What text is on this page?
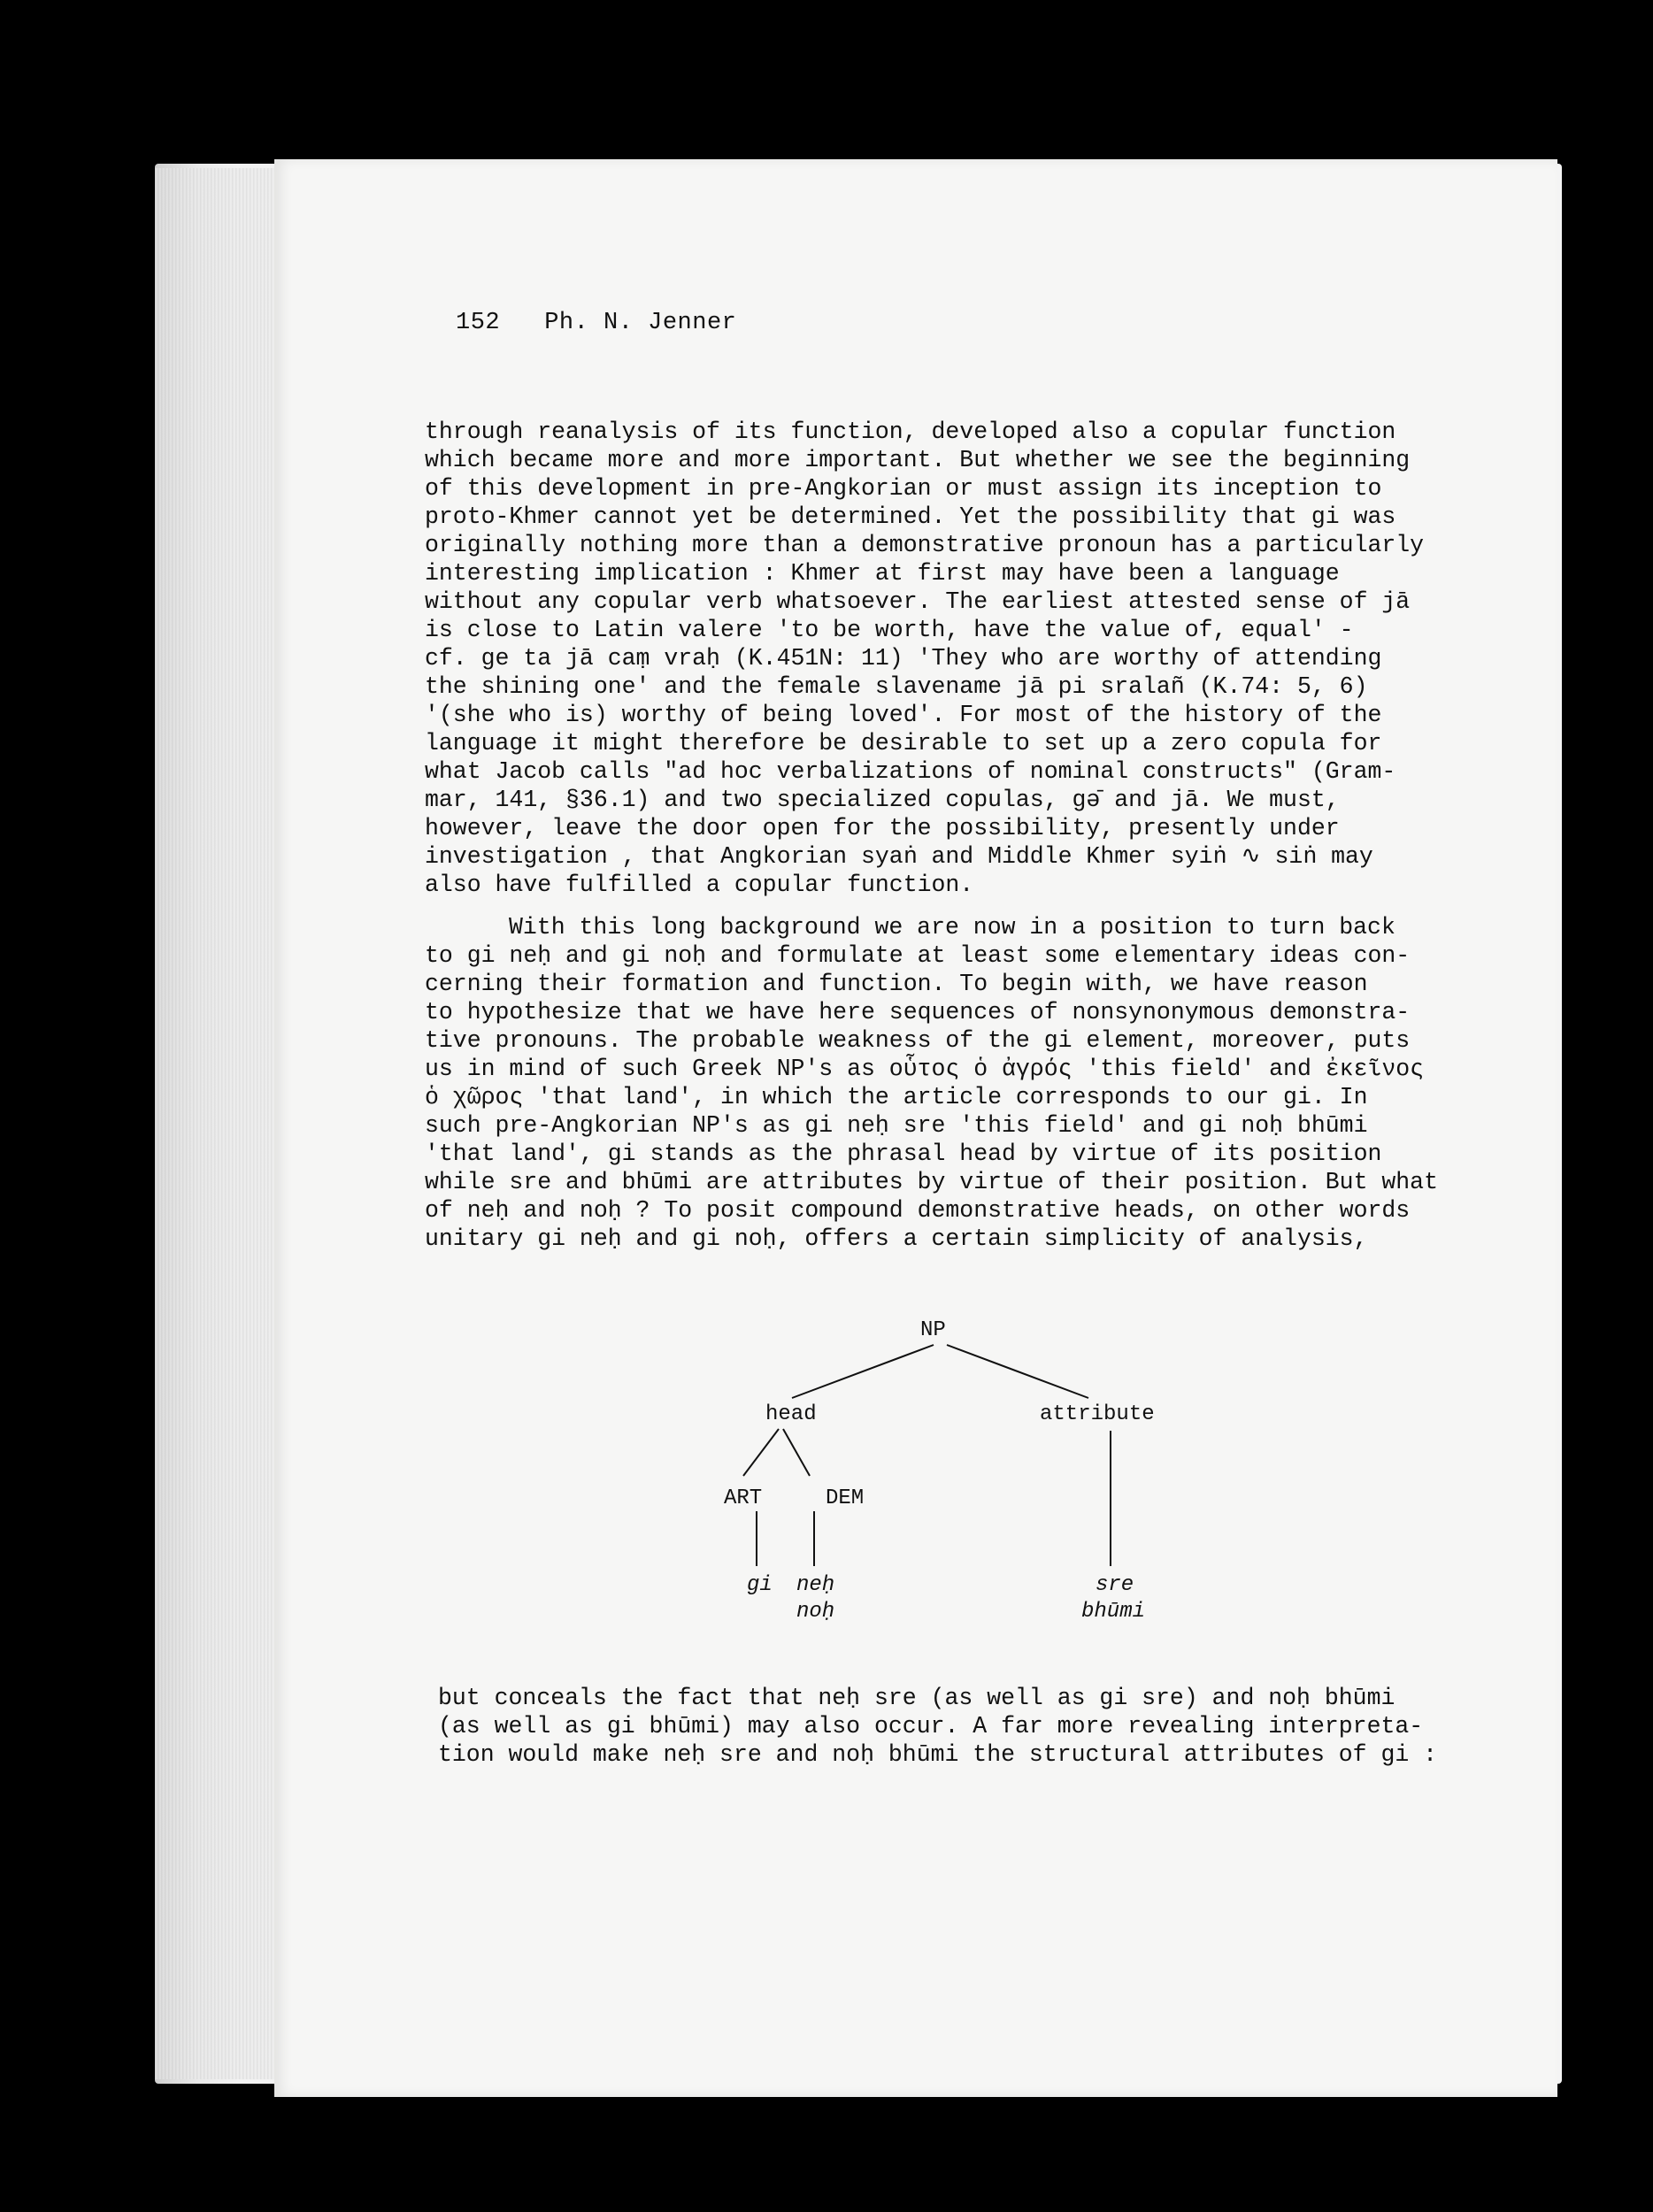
152 Ph. N. Jenner
through reanalysis of its function, developed also a copular function
which became more and more important. But whether we see the beginning
of this development in pre-Angkorian or must assign its inception to
proto-Khmer cannot yet be determined. Yet the possibility that gi was
originally nothing more than a demonstrative pronoun has a particularly
interesting implication : Khmer at first may have been a language
without any copular verb whatsoever. The earliest attested sense of jā
is close to Latin valere 'to be worth, have the value of, equal' -
cf. ge ta jā caṃ vraḥ (K.451N: 11) 'They who are worthy of attending
the shining one' and the female slavename jā pi sralañ (K.74: 5, 6)
'(she who is) worthy of being loved'. For most of the history of the
language it might therefore be desirable to set up a zero copula for
what Jacob calls "ad hoc verbalizations of nominal constructs" (Gram-
mar, 141, §36.1) and two specialized copulas, gə̄ and jā. We must,
however, leave the door open for the possibility, presently under
investigation , that Angkorian syaṅ and Middle Khmer syiṅ ∿ siṅ may
also have fulfilled a copular function.
With this long background we are now in a position to turn back
to gi neḥ and gi noḥ and formulate at least some elementary ideas con-
cerning their formation and function. To begin with, we have reason
to hypothesize that we have here sequences of nonsynonymous demonstra-
tive pronouns. The probable weakness of the gi element, moreover, puts
us in mind of such Greek NP's as οὗτος ὁ ἀγρός 'this field' and ἐκεῖνος
ὁ χῶρος 'that land', in which the article corresponds to our gi. In
such pre-Angkorian NP's as gi neḥ sre 'this field' and gi noḥ bhūmi
'that land', gi stands as the phrasal head by virtue of its position
while sre and bhūmi are attributes by virtue of their position. But what
of neḥ and noḥ ? To posit compound demonstrative heads, on other words
unitary gi neḥ and gi noḥ, offers a certain simplicity of analysis,
NP
head	attribute
ART	DEM
gi neḥ
noḥ
sre
bhūmi
but conceals the fact that neḥ sre (as well as gi sre) and noḥ bhūmi
(as well as gi bhūmi) may also occur. A far more revealing interpreta-
tion would make neḥ sre and noḥ bhūmi the structural attributes of gi :
